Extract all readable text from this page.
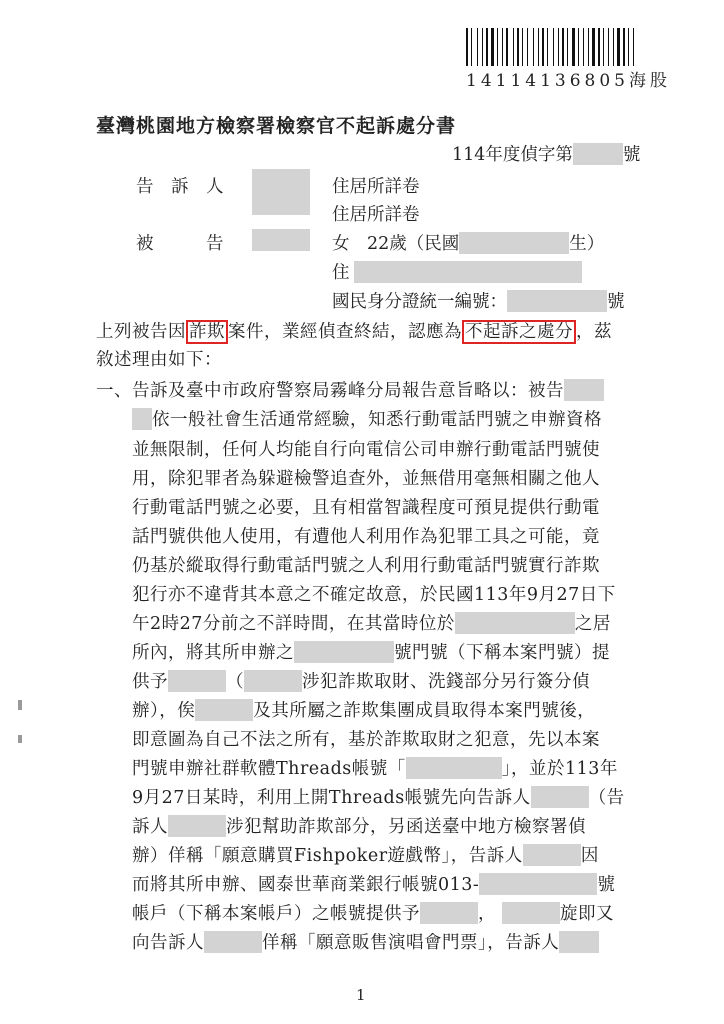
14114136805海股
臺灣桃園地方檢察署檢察官不起訴處分書
114年度偵字第	號
告　訴　人	住居所詳卷
住居所詳卷
被　　　告	女　22歲（民國	生）
住
國民身分證統一編號：	號
上列被告因 詐欺 案件，業經偵查終結，認應為 不起訴之處分 ，茲
敘述理由如下：
一、告訴及臺中市政府警察局霧峰分局報告意旨略以：被告
依一般社會生活通常經驗，知悉行動電話門號之申辦資格
並無限制，任何人均能自行向電信公司申辦行動電話門號使
用，除犯罪者為躲避檢警追查外，並無借用毫無相關之他人
行動電話門號之必要，且有相當智識程度可預見提供行動電
話門號供他人使用，有遭他人利用作為犯罪工具之可能，竟
仍基於縱取得行動電話門號之人利用行動電話門號實行詐欺
犯行亦不違背其本意之不確定故意，於民國113年9月27日下
午2時27分前之不詳時間，在其當時位於	之居
所內，將其所申辦之	號門號（下稱本案門號）提
供予	（	涉犯詐欺取財、洗錢部分另行簽分偵
辦），俟	及其所屬之詐欺集團成員取得本案門號後，
即意圖為自己不法之所有，基於詐欺取財之犯意，先以本案
門號申辦社群軟體Threads帳號「	」，並於113年
9月27日某時，利用上開Threads帳號先向告訴人	（告
訴人	涉犯幫助詐欺部分，另函送臺中地方檢察署偵
辦）佯稱「願意購買Fishpoker遊戲幣」，告訴人	因
而將其所申辦、國泰世華商業銀行帳號013-	號
帳戶（下稱本案帳戶）之帳號提供予	，	旋即又
向告訴人	佯稱「願意販售演唱會門票」，告訴人
1
